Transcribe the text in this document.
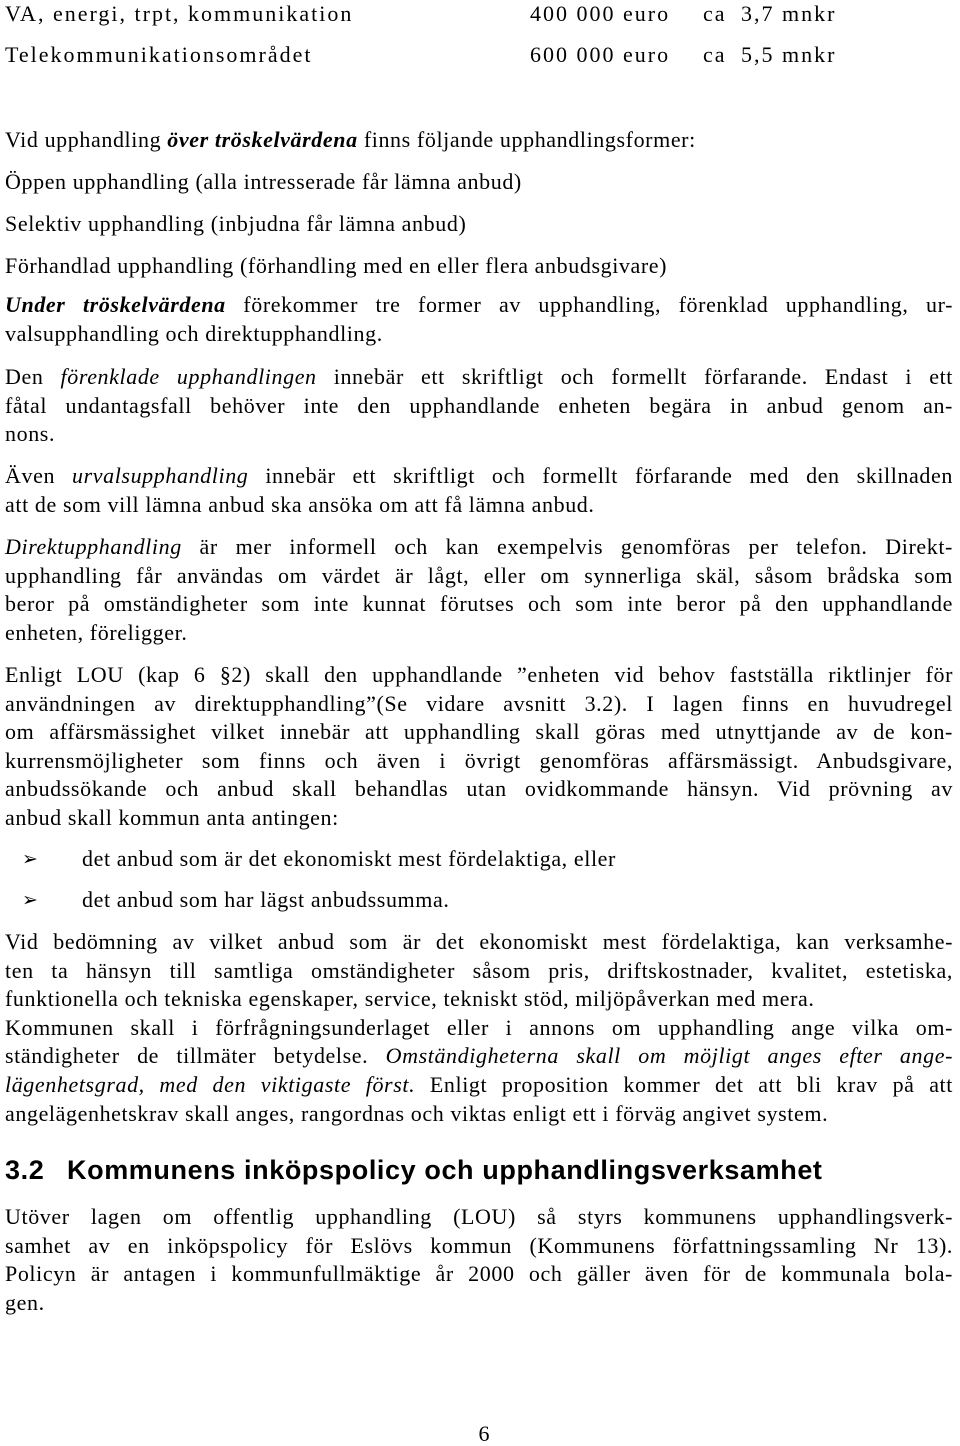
VA, energi, trpt, kommunikation	400 000 euro ca 3,7 mnkr
Telekommunikationsområdet	600 000 euro ca 5,5 mnkr
Vid upphandling över tröskelvärdena finns följande upphandlingsformer:
Öppen upphandling (alla intresserade får lämna anbud)
Selektiv upphandling (inbjudna får lämna anbud)
Förhandlad upphandling (förhandling med en eller flera anbudsgivare)
Under tröskelvärdena förekommer tre former av upphandling, förenklad upphandling, ur-
valsupphandling och direktupphandling.
Den förenklade upphandlingen innebär ett skriftligt och formellt förfarande. Endast i ett
fåtal undantagsfall behöver inte den upphandlande enheten begära in anbud genom an-
nons.
Även urvalsupphandling innebär ett skriftligt och formellt förfarande med den skillnaden
att de som vill lämna anbud ska ansöka om att få lämna anbud.
Direktupphandling är mer informell och kan exempelvis genomföras per telefon. Direkt-
upphandling får användas om värdet är lågt, eller om synnerliga skäl, såsom brådska som
beror på omständigheter som inte kunnat förutses och som inte beror på den upphandlande
enheten, föreligger.
Enligt LOU (kap 6 §2) skall den upphandlande ”enheten vid behov fastställa riktlinjer för
användningen av direktupphandling”(Se vidare avsnitt 3.2). I lagen finns en huvudregel
om affärsmässighet vilket innebär att upphandling skall göras med utnyttjande av de kon-
kurrensmöjligheter som finns och även i övrigt genomföras affärsmässigt. Anbudsgivare,
anbudssökande och anbud skall behandlas utan ovidkommande hänsyn. Vid prövning av
anbud skall kommun anta antingen:
➢
det anbud som är det ekonomiskt mest fördelaktiga, eller
➢
det anbud som har lägst anbudssumma.
Vid bedömning av vilket anbud som är det ekonomiskt mest fördelaktiga, kan verksamhe-
ten ta hänsyn till samtliga omständigheter såsom pris, driftskostnader, kvalitet, estetiska,
funktionella och tekniska egenskaper, service, tekniskt stöd, miljöpåverkan med mera.
Kommunen skall i förfrågningsunderlaget eller i annons om upphandling ange vilka om-
ständigheter de tillmäter betydelse. Omständigheterna skall om möjligt anges efter ange-
lägenhetsgrad, med den viktigaste först. Enligt proposition kommer det att bli krav på att
angelägenhetskrav skall anges, rangordnas och viktas enligt ett i förväg angivet system.
3.2 Kommunens inköpspolicy och upphandlingsverksamhet
Utöver lagen om offentlig upphandling (LOU) så styrs kommunens upphandlingsverk-
samhet av en inköpspolicy för Eslövs kommun (Kommunens författningssamling Nr 13).
Policyn är antagen i kommunfullmäktige år 2000 och gäller även för de kommunala bola-
gen.
6
